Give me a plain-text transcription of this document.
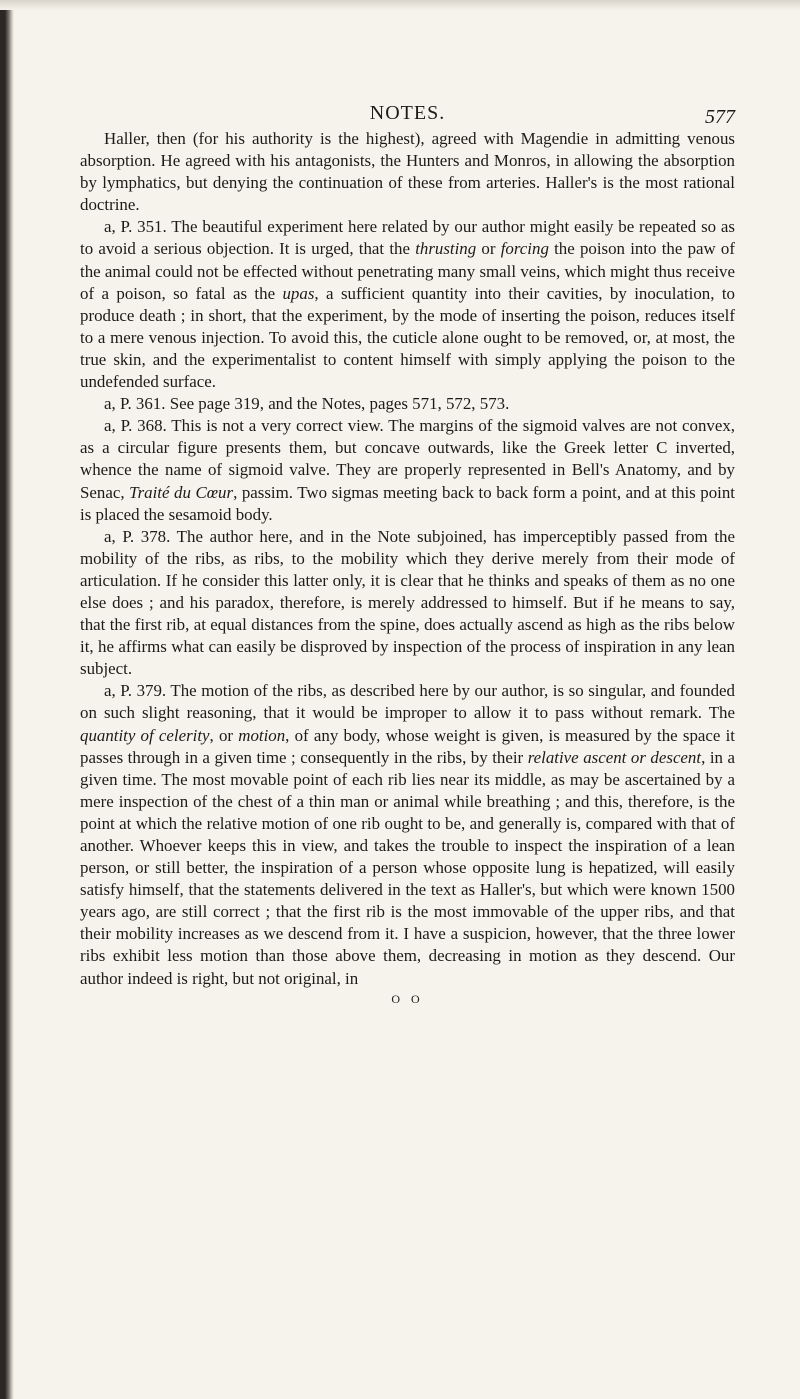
NOTES.	577

Haller, then (for his authority is the highest), agreed with Magendie in admitting venous absorption. He agreed with his antagonists, the Hunters and Monros, in allowing the absorption by lymphatics, but denying the continuation of these from arteries. Haller's is the most rational doctrine.

a, P. 351. The beautiful experiment here related by our author might easily be repeated so as to avoid a serious objection. It is urged, that the thrusting or forcing the poison into the paw of the animal could not be effected without penetrating many small veins, which might thus receive of a poison, so fatal as the upas, a sufficient quantity into their cavities, by inoculation, to produce death ; in short, that the experiment, by the mode of inserting the poison, reduces itself to a mere venous injection. To avoid this, the cuticle alone ought to be removed, or, at most, the true skin, and the experimentalist to content himself with simply applying the poison to the undefended surface.

a, P. 361. See page 319, and the Notes, pages 571, 572, 573.

a, P. 368. This is not a very correct view. The margins of the sigmoid valves are not convex, as a circular figure presents them, but concave outwards, like the Greek letter C inverted, whence the name of sigmoid valve. They are properly represented in Bell's Anatomy, and by Senac, Traité du Cœur, passim. Two sigmas meeting back to back form a point, and at this point is placed the sesamoid body.

a, P. 378. The author here, and in the Note subjoined, has imperceptibly passed from the mobility of the ribs, as ribs, to the mobility which they derive merely from their mode of articulation. If he consider this latter only, it is clear that he thinks and speaks of them as no one else does ; and his paradox, therefore, is merely addressed to himself. But if he means to say, that the first rib, at equal distances from the spine, does actually ascend as high as the ribs below it, he affirms what can easily be disproved by inspection of the process of inspiration in any lean subject.

a, P. 379. The motion of the ribs, as described here by our author, is so singular, and founded on such slight reasoning, that it would be improper to allow it to pass without remark. The quantity of celerity, or motion, of any body, whose weight is given, is measured by the space it passes through in a given time ; consequently in the ribs, by their relative ascent or descent, in a given time. The most movable point of each rib lies near its middle, as may be ascertained by a mere inspection of the chest of a thin man or animal while breathing ; and this, therefore, is the point at which the relative motion of one rib ought to be, and generally is, compared with that of another. Whoever keeps this in view, and takes the trouble to inspect the inspiration of a lean person, or still better, the inspiration of a person whose opposite lung is hepatized, will easily satisfy himself, that the statements delivered in the text as Haller's, but which were known 1500 years ago, are still correct ; that the first rib is the most immovable of the upper ribs, and that their mobility increases as we descend from it. I have a suspicion, however, that the three lower ribs exhibit less motion than those above them, decreasing in motion as they descend. Our author indeed is right, but not original, in

O O
